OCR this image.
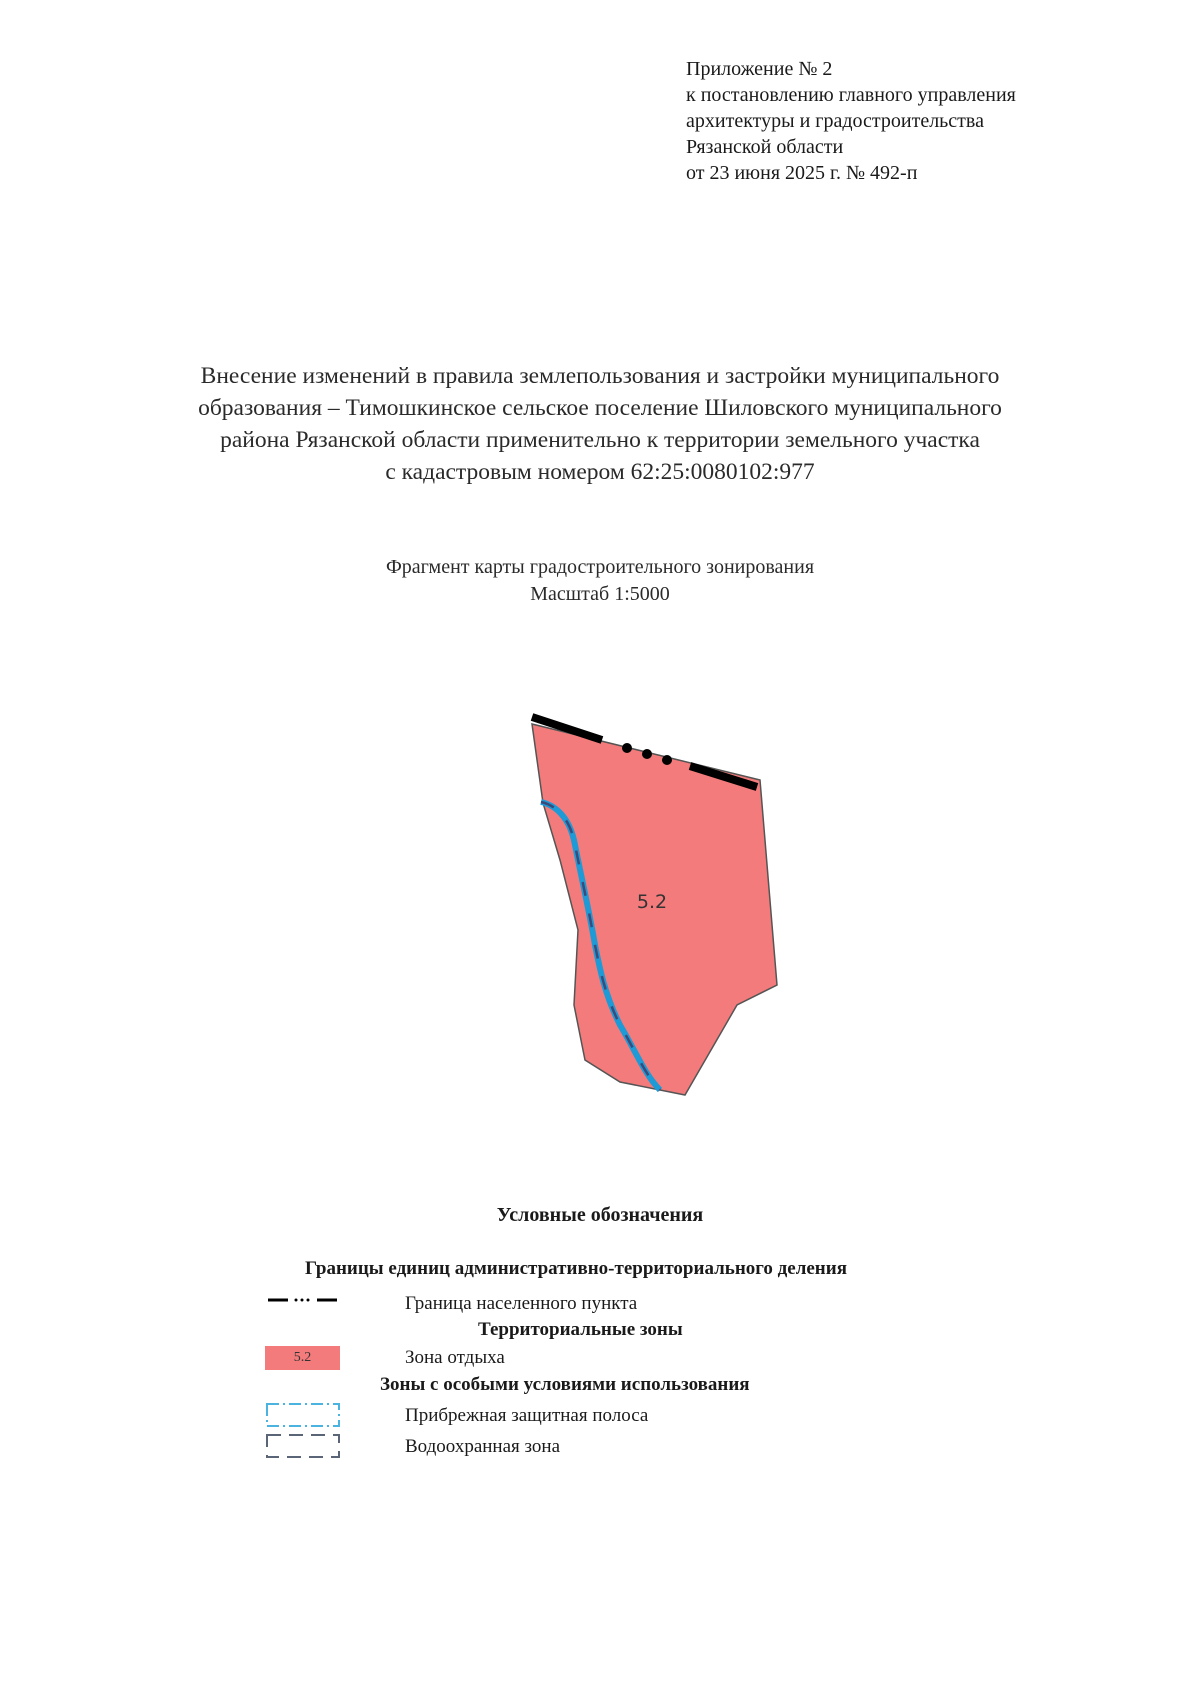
Приложение № 2
к постановлению главного управления
архитектуры и градостроительства
Рязанской области
от 23 июня 2025 г. № 492-п
Внесение изменений в правила землепользования и застройки муниципального
образования – Тимошкинское сельское поселение Шиловского муниципального
района Рязанской области применительно к территории земельного участка
с кадастровым номером 62:25:0080102:977
Фрагмент карты градостроительного зонирования
Масштаб 1:5000
5.2
Условные обозначения
Границы единиц административно-территориального деления
Граница населенного пункта
Территориальные зоны
5.2	Зона отдыха
Зоны с особыми условиями использования
Прибрежная защитная полоса
Водоохранная зона
